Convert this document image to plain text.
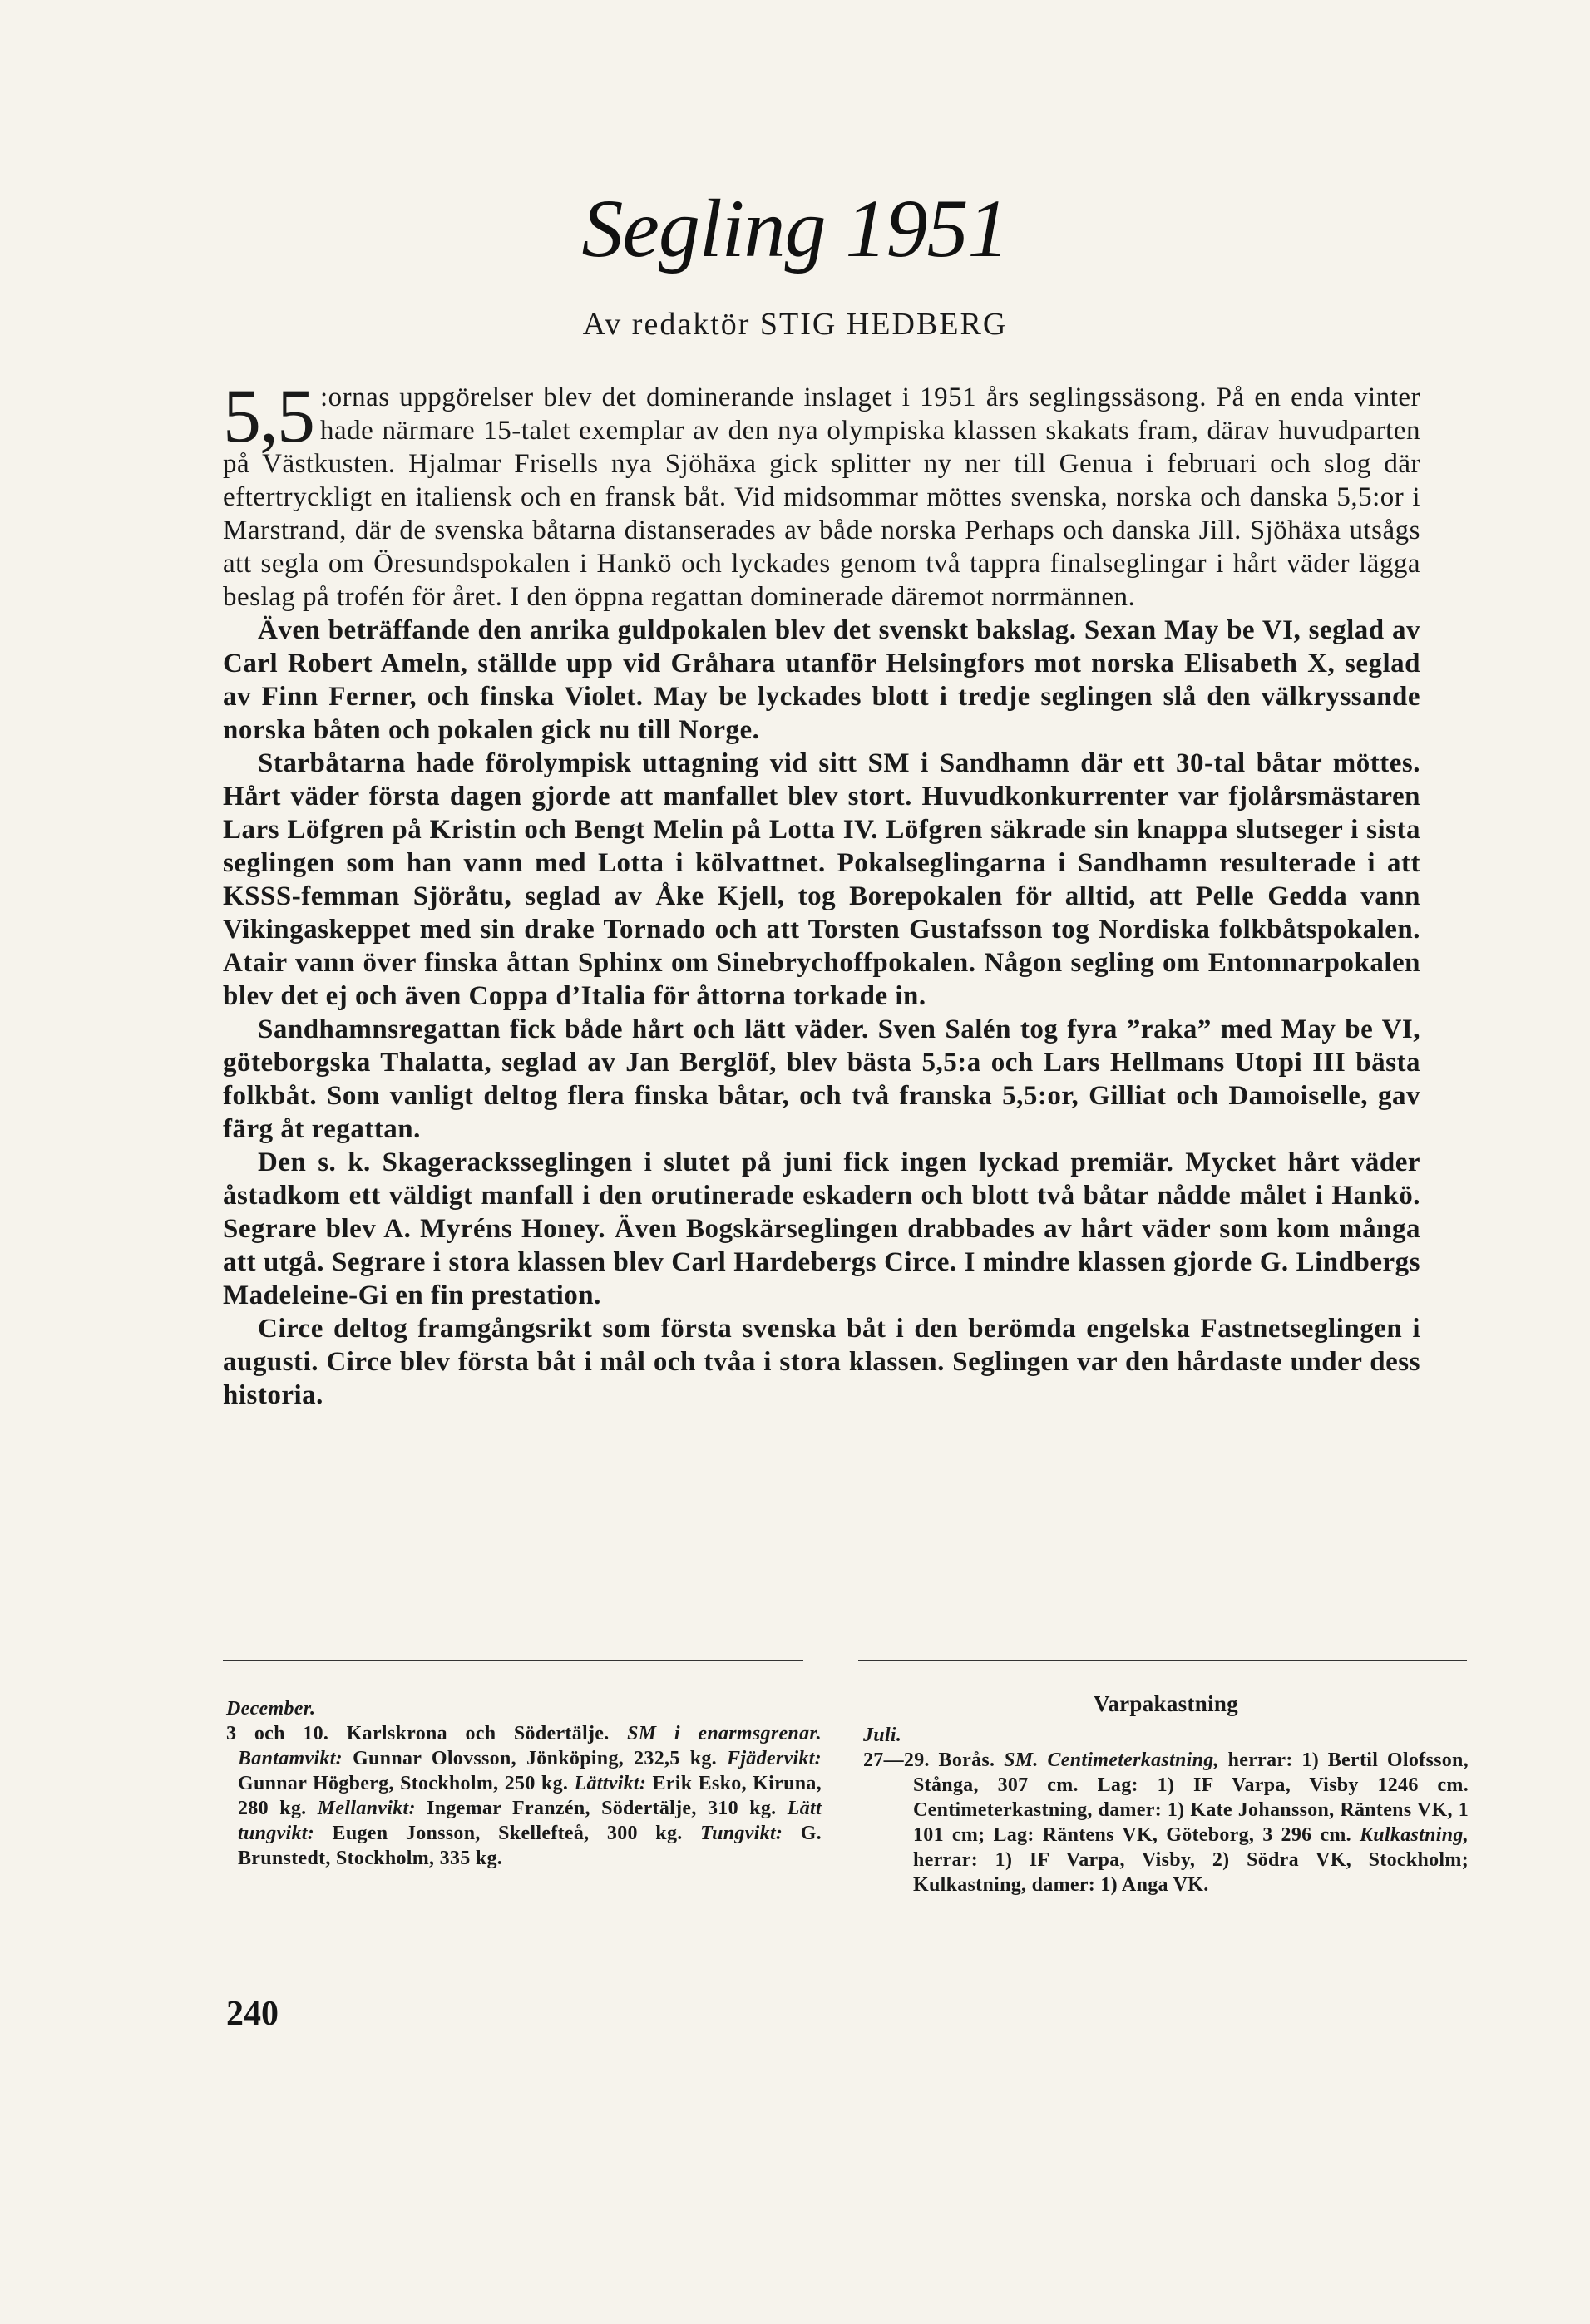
Segling 1951
Av redaktör STIG HEDBERG

5,5 :ornas uppgörelser blev det dominerande inslaget i 1951 års seglingssäsong. På en enda vinter hade närmare 15-talet exemplar av den nya olympiska klassen skakats fram, därav huvudparten på Västkusten. Hjalmar Frisells nya Sjöhäxa gick splitter ny ner till Genua i februari och slog där eftertryckligt en italiensk och en fransk båt. Vid midsommar möttes svenska, norska och danska 5,5:or i Marstrand, där de svenska båtarna distanserades av både norska Perhaps och danska Jill. Sjöhäxa utsågs att segla om Öresundspokalen i Hankö och lyckades genom två tappra finalseglingar i hårt väder lägga beslag på trofén för året. I den öppna regattan dominerade däremot norrmännen.

Även beträffande den anrika guldpokalen blev det svenskt bakslag. Sexan May be VI, seglad av Carl Robert Ameln, ställde upp vid Gråhara utanför Helsingfors mot norska Elisabeth X, seglad av Finn Ferner, och finska Violet. May be lyckades blott i tredje seglingen slå den välkryssande norska båten och pokalen gick nu till Norge.

Starbåtarna hade förolympisk uttagning vid sitt SM i Sandhamn där ett 30-tal båtar möttes. Hårt väder första dagen gjorde att manfallet blev stort. Huvudkonkurrenter var fjolårsmästaren Lars Löfgren på Kristin och Bengt Melin på Lotta IV. Löfgren säkrade sin knappa slutseger i sista seglingen som han vann med Lotta i kölvattnet. Pokalseglingarna i Sandhamn resulterade i att KSSS-femman Sjöråtu, seglad av Åke Kjell, tog Borepokalen för alltid, att Pelle Gedda vann Vikingaskeppet med sin drake Tornado och att Torsten Gustafsson tog Nordiska folkbåtspokalen. Atair vann över finska åttan Sphinx om Sinebrychoffpokalen. Någon segling om Entonnarpokalen blev det ej och även Coppa d’Italia för åttorna torkade in.

Sandhamnsregattan fick både hårt och lätt väder. Sven Salén tog fyra ”raka” med May be VI, göteborgska Thalatta, seglad av Jan Berglöf, blev bästa 5,5:a och Lars Hellmans Utopi III bästa folkbåt. Som vanligt deltog flera finska båtar, och två franska 5,5:or, Gilliat och Damoiselle, gav färg åt regattan.

Den s. k. Skageracksseglingen i slutet på juni fick ingen lyckad premiär. Mycket hårt väder åstadkom ett väldigt manfall i den orutinerade eskadern och blott två båtar nådde målet i Hankö. Segrare blev A. Myréns Honey. Även Bogskärseglingen drabbades av hårt väder som kom många att utgå. Segrare i stora klassen blev Carl Hardebergs Circe. I mindre klassen gjorde G. Lindbergs Madeleine-Gi en fin prestation.

Circe deltog framgångsrikt som första svenska båt i den berömda engelska Fastnetseglingen i augusti. Circe blev första båt i mål och tvåa i stora klassen. Seglingen var den hårdaste under dess historia.

December.
3 och 10. Karlskrona och Södertälje. SM i enarmsgrenar. Bantamvikt: Gunnar Olovsson, Jönköping, 232,5 kg. Fjädervikt: Gunnar Högberg, Stockholm, 250 kg. Lättvikt: Erik Esko, Kiruna, 280 kg. Mellanvikt: Ingemar Franzén, Södertälje, 310 kg. Lätt tungvikt: Eugen Jonsson, Skellefteå, 300 kg. Tungvikt: G. Brunstedt, Stockholm, 335 kg.
Varpakastning
Juli.
27—29. Borås. SM. Centimeterkastning, herrar: 1) Bertil Olofsson, Stånga, 307 cm. Lag: 1) IF Varpa, Visby 1246 cm. Centimeterkastning, damer: 1) Kate Johansson, Räntens VK, 1 101 cm; Lag: Räntens VK, Göteborg, 3 296 cm. Kulkastning, herrar: 1) IF Varpa, Visby, 2) Södra VK, Stockholm; Kulkastning, damer: 1) Anga VK.
240
